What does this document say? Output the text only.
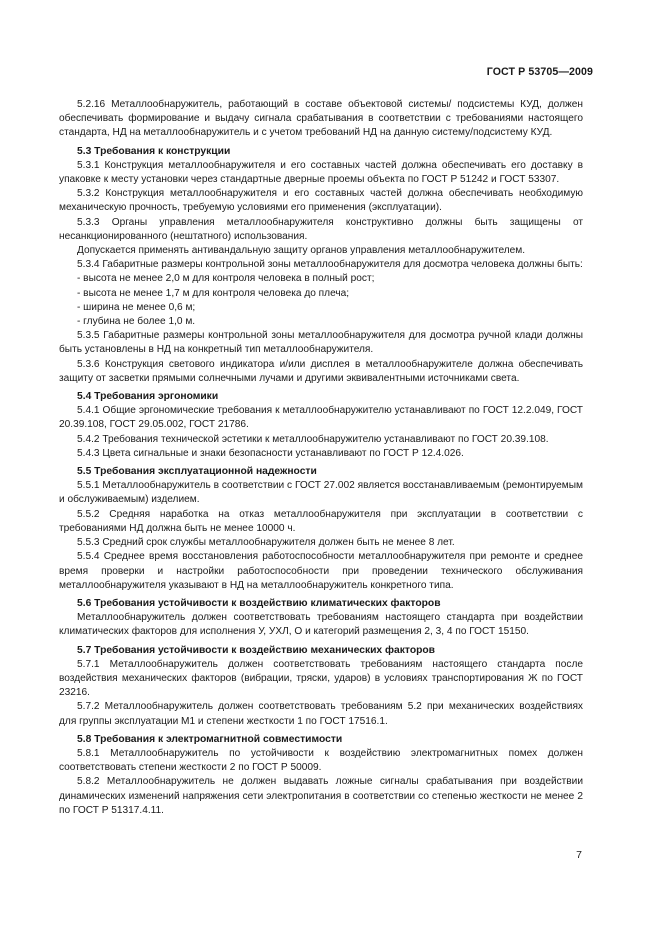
ГОСТ Р 53705—2009

5.2.16 Металлообнаружитель, работающий в составе объектовой системы/ подсистемы КУД, должен обеспечивать формирование и выдачу сигнала срабатывания в соответствии с требованиями настоящего стандарта, НД на металлообнаружитель и с учетом требований НД на данную систему/подсистему КУД.

5.3 Требования к конструкции

5.3.1 Конструкция металлообнаружителя и его составных частей должна обеспечивать его доставку в упаковке к месту установки через стандартные дверные проемы объекта по ГОСТ Р 51242 и ГОСТ 53307.

5.3.2 Конструкция металлообнаружителя и его составных частей должна обеспечивать необходимую механическую прочность, требуемую условиями его применения (эксплуатации).

5.3.3 Органы управления металлообнаружителя конструктивно должны быть защищены от несанкционированного (нештатного) использования.

Допускается применять антивандальную защиту органов управления металлообнаружителем.

5.3.4 Габаритные размеры контрольной зоны металлообнаружителя для досмотра человека должны быть:

- высота не менее 2,0 м для контроля человека в полный рост;

- высота не менее 1,7 м для контроля человека до плеча;

- ширина не менее 0,6 м;

- глубина не более 1,0 м.

5.3.5 Габаритные размеры контрольной зоны металлообнаружителя для досмотра ручной клади должны быть установлены в НД на конкретный тип металлообнаружителя.

5.3.6 Конструкция светового индикатора и/или дисплея в металлообнаружителе должна обеспечивать защиту от засветки прямыми солнечными лучами и другими эквивалентными источниками света.

5.4 Требования эргономики

5.4.1 Общие эргономические требования к металлообнаружителю устанавливают по ГОСТ 12.2.049, ГОСТ 20.39.108, ГОСТ 29.05.002, ГОСТ 21786.

5.4.2 Требования технической эстетики к металлообнаружителю устанавливают по ГОСТ 20.39.108.

5.4.3 Цвета сигнальные и знаки безопасности устанавливают по ГОСТ Р 12.4.026.

5.5 Требования эксплуатационной надежности

5.5.1 Металлообнаружитель в соответствии с ГОСТ 27.002 является восстанавливаемым (ремонтируемым и обслуживаемым) изделием.

5.5.2 Средняя наработка на отказ металлообнаружителя при эксплуатации в соответствии с требованиями НД должна быть не менее 10000 ч.

5.5.3 Средний срок службы металлообнаружителя должен быть не менее 8 лет.

5.5.4 Среднее время восстановления работоспособности металлообнаружителя при ремонте и среднее время проверки и настройки работоспособности при проведении технического обслуживания металлообнаружителя указывают в НД на металлообнаружитель конкретного типа.

5.6 Требования устойчивости к воздействию климатических факторов

Металлообнаружитель должен соответствовать требованиям настоящего стандарта при воздействии климатических факторов для исполнения У, УХЛ, О и категорий размещения 2, 3, 4 по ГОСТ 15150.

5.7 Требования устойчивости к воздействию механических факторов

5.7.1 Металлообнаружитель должен соответствовать требованиям настоящего стандарта после воздействия механических факторов (вибрации, тряски, ударов) в условиях транспортирования Ж по ГОСТ 23216.

5.7.2 Металлообнаружитель должен соответствовать требованиям 5.2 при механических воздействиях для группы эксплуатации М1 и степени жесткости 1 по ГОСТ 17516.1.

5.8 Требования к электромагнитной совместимости

5.8.1 Металлообнаружитель по устойчивости к воздействию электромагнитных помех должен соответствовать степени жесткости 2 по ГОСТ Р 50009.

5.8.2 Металлообнаружитель не должен выдавать ложные сигналы срабатывания при воздействии динамических изменений напряжения сети электропитания в соответствии со степенью жесткости не менее 2 по ГОСТ Р 51317.4.11.

7
